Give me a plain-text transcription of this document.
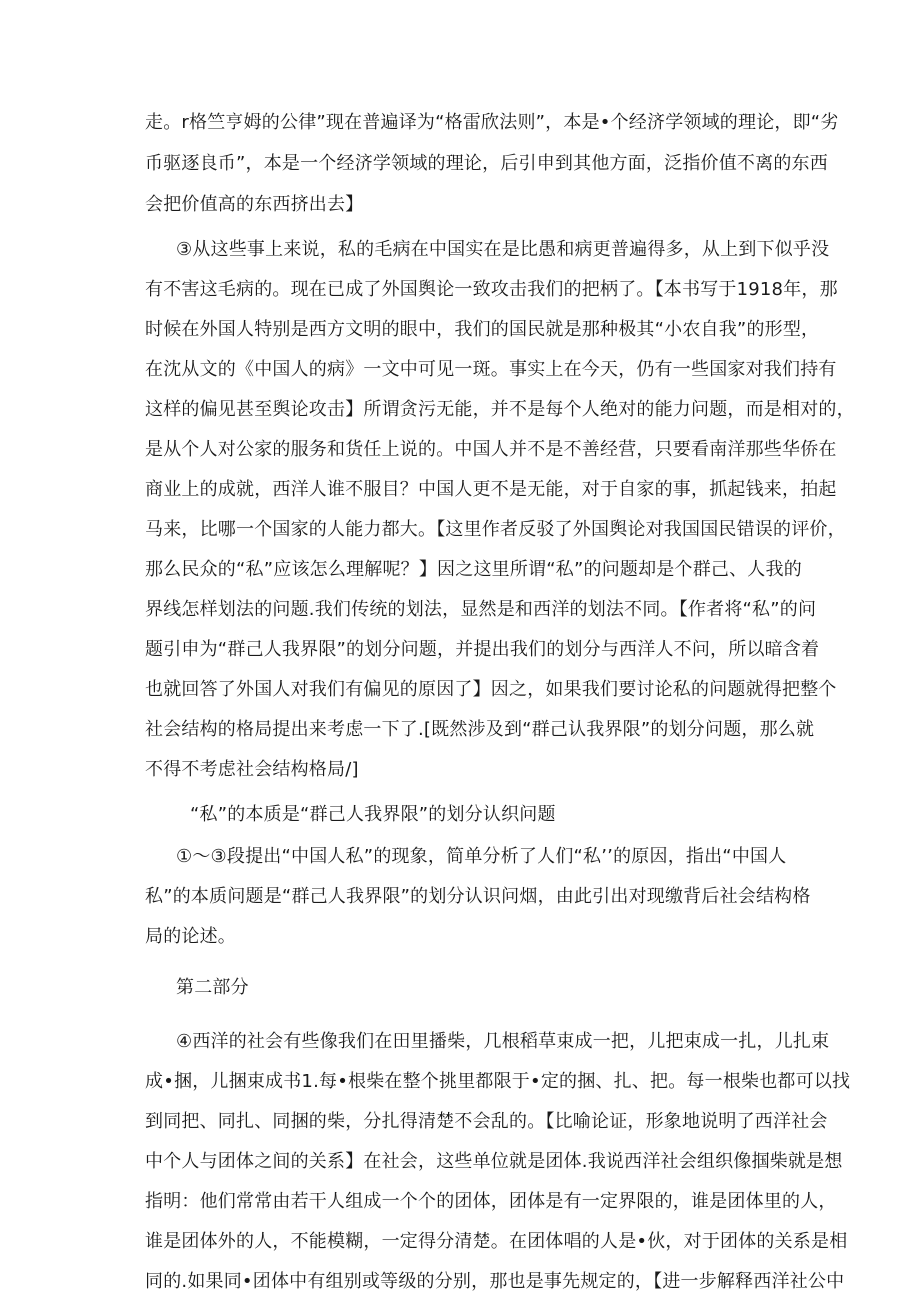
走。r格竺亨姆的公律”现在普遍译为“格雷欣法则”，本是•个经济学领域的理论，即“劣
币驱逐良币”，本是一个经济学领域的理论，后引申到其他方面，泛指价值不离的东西
会把价值高的东西挤出去】
③从这些事上来说，私的毛病在中国实在是比愚和病更普遍得多，从上到下似乎没
有不害这毛病的。现在已成了外国舆论一致攻击我们的把柄了。【本书写于1918年，那
时候在外国人特别是西方文明的眼中，我们的国民就是那种极其“小农自我”的形型，
在沈从文的《中国人的病》一文中可见一斑。事实上在今天，仍有一些国家对我们持有
这样的偏见甚至舆论攻击】所谓贪污无能，并不是每个人绝对的能力问题，而是相对的，
是从个人对公家的服务和货任上说的。中国人并不是不善经营，只要看南洋那些华侨在
商业上的成就，西洋人谁不服目？中国人更不是无能，对于自家的事，抓起钱来，拍起
马来，比哪一个国家的人能力都大。【这里作者反驳了外国舆论对我国国民错误的评价，
那么民众的“私”应该怎么理解呢？】因之这里所谓“私”的问题却是个群己、人我的
界线怎样划法的问题.我们传统的划法，显然是和西洋的划法不同。【作者将“私”的问
题引申为“群己人我界限”的划分问题，并提出我们的划分与西洋人不问，所以暗含着
也就回答了外国人对我们有偏见的原因了】因之，如果我们要讨论私的问题就得把整个
社会结构的格局提出来考虑一下了.[既然涉及到“群己认我界限”的划分问题，那么就
不得不考虑社会结构格局/]
“私”的本质是“群己人我界限”的划分认织问题
①～③段提出“中国人私”的现象，简单分析了人们“私’’的原因，指出“中国人
私”的本质问题是“群己人我界限”的划分认识问烟，由此引出对现缴背后社会结构格
局的论述。
第二部分
④西洋的社会有些像我们在田里播柴，几根稻草束成一把，儿把束成一扎，儿扎束
成•捆，儿捆束成书1.每•根柴在整个挑里都限于•定的捆、扎、把。每一根柴也都可以找
到同把、同扎、同捆的柴，分扎得清楚不会乱的。【比喻论证，形象地说明了西洋社会
中个人与团体之间的关系】在社会，这些单位就是团体.我说西洋社会组织像掴柴就是想
指明：他们常常由若干人组成一个个的团体，团体是有一定界限的，谁是团体里的人，
谁是团体外的人，不能模糊，一定得分清楚。在团体唱的人是•伙，对于团体的关系是相
同的.如果同•团体中有组别或等级的分别，那也是事先规定的，【进一步解释西洋社公中
